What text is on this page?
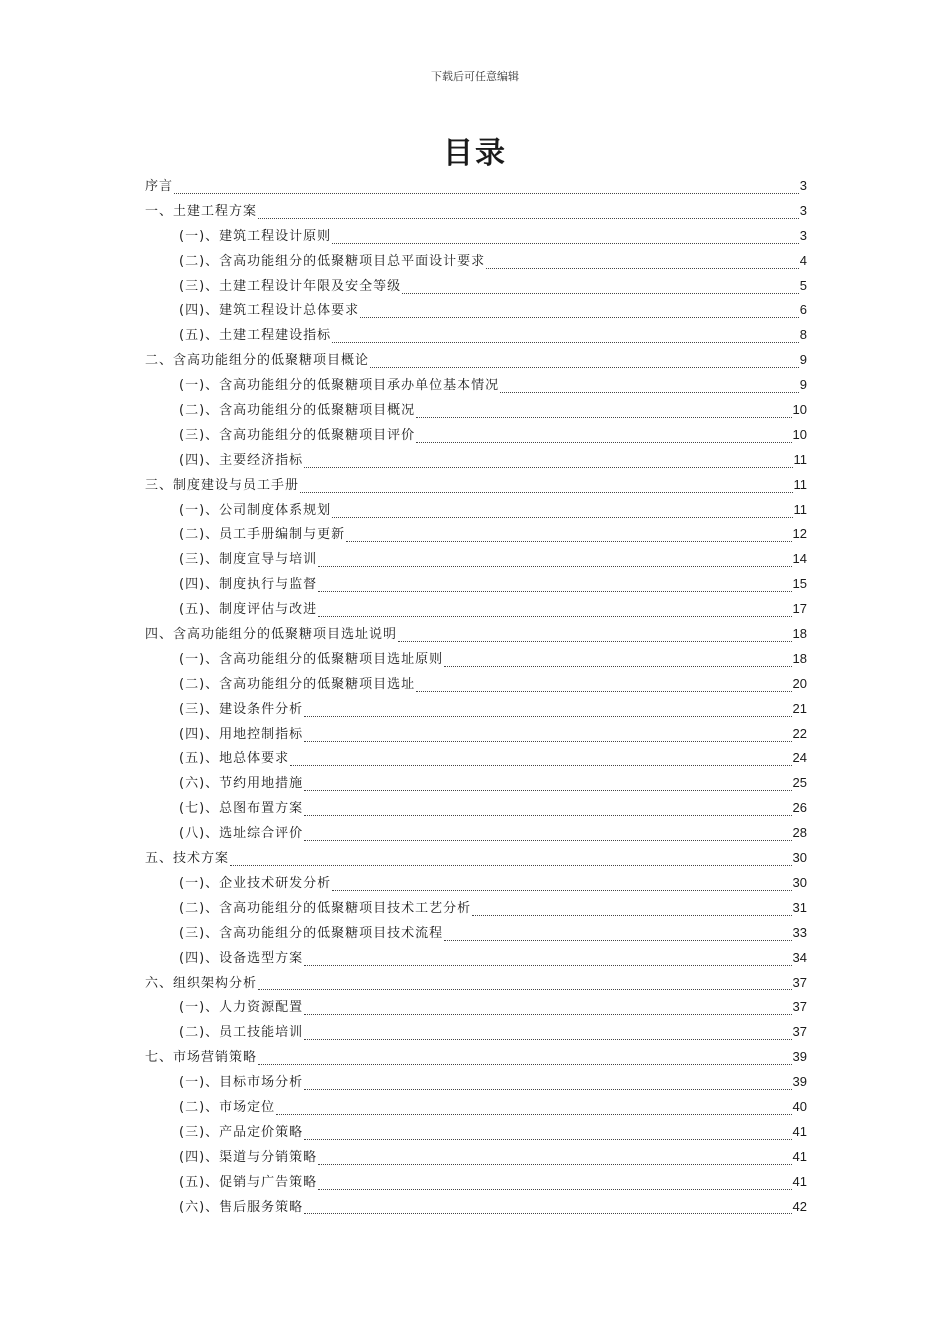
下载后可任意编辑
目录
序言	3
一、土建工程方案	3
(一)、建筑工程设计原则	3
(二)、含高功能组分的低聚糖项目总平面设计要求	4
(三)、土建工程设计年限及安全等级	5
(四)、建筑工程设计总体要求	6
(五)、土建工程建设指标	8
二、含高功能组分的低聚糖项目概论	9
(一)、含高功能组分的低聚糖项目承办单位基本情况	9
(二)、含高功能组分的低聚糖项目概况	10
(三)、含高功能组分的低聚糖项目评价	10
(四)、主要经济指标	11
三、制度建设与员工手册	11
(一)、公司制度体系规划	11
(二)、员工手册编制与更新	12
(三)、制度宣导与培训	14
(四)、制度执行与监督	15
(五)、制度评估与改进	17
四、含高功能组分的低聚糖项目选址说明	18
(一)、含高功能组分的低聚糖项目选址原则	18
(二)、含高功能组分的低聚糖项目选址	20
(三)、建设条件分析	21
(四)、用地控制指标	22
(五)、地总体要求	24
(六)、节约用地措施	25
(七)、总图布置方案	26
(八)、选址综合评价	28
五、技术方案	30
(一)、企业技术研发分析	30
(二)、含高功能组分的低聚糖项目技术工艺分析	31
(三)、含高功能组分的低聚糖项目技术流程	33
(四)、设备选型方案	34
六、组织架构分析	37
(一)、人力资源配置	37
(二)、员工技能培训	37
七、市场营销策略	39
(一)、目标市场分析	39
(二)、市场定位	40
(三)、产品定价策略	41
(四)、渠道与分销策略	41
(五)、促销与广告策略	41
(六)、售后服务策略	42
